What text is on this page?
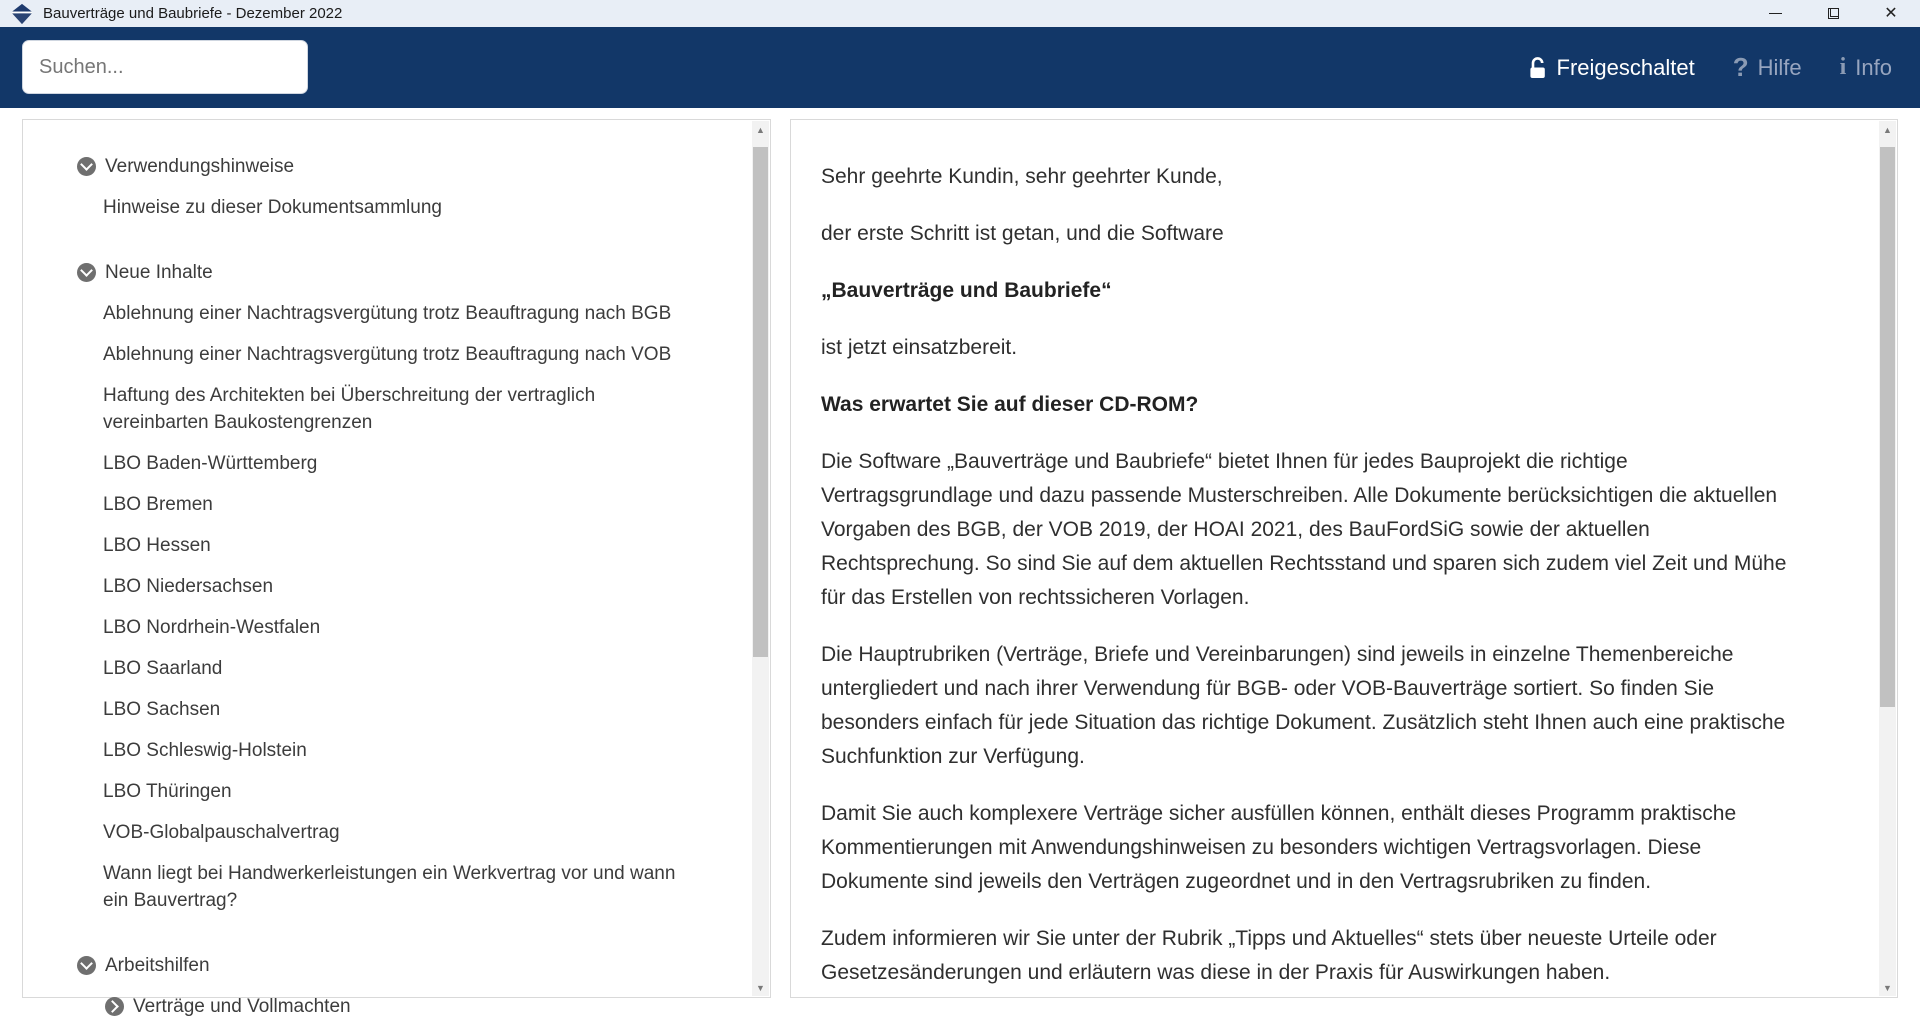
Bauverträge und Baubriefe - Dezember 2022	✕
Suchen...
Freigeschaltet ? Hilfe i Info
Verwendungshinweise
Hinweise zu dieser Dokumentsammlung
Neue Inhalte
Ablehnung einer Nachtragsvergütung trotz Beauftragung nach BGB
Ablehnung einer Nachtragsvergütung trotz Beauftragung nach VOB
Haftung des Architekten bei Überschreitung der vertraglich vereinbarten Baukostengrenzen
LBO Baden-Württemberg
LBO Bremen
LBO Hessen
LBO Niedersachsen
LBO Nordrhein-Westfalen
LBO Saarland
LBO Sachsen
LBO Schleswig-Holstein
LBO Thüringen
VOB-Globalpauschalvertrag
Wann liegt bei Handwerkerleistungen ein Werkvertrag vor und wann ein Bauvertrag?
Arbeitshilfen
Verträge und Vollmachten
▲
▼

Sehr geehrte Kundin, sehr geehrter Kunde,

der erste Schritt ist getan, und die Software

„Bauverträge und Baubriefe“

ist jetzt einsatzbereit.

Was erwartet Sie auf dieser CD-ROM?

Die Software „Bauverträge und Baubriefe“ bietet Ihnen für jedes Bauprojekt die richtige Vertragsgrundlage und dazu passende Musterschreiben. Alle Dokumente berücksichtigen die aktuellen Vorgaben des BGB, der VOB 2019, der HOAI 2021, des BauFordSiG sowie der aktuellen Rechtsprechung. So sind Sie auf dem aktuellen Rechtsstand und sparen sich zudem viel Zeit und Mühe für das Erstellen von rechtssicheren Vorlagen.

Die Hauptrubriken (Verträge, Briefe und Vereinbarungen) sind jeweils in einzelne Themenbereiche untergliedert und nach ihrer Verwendung für BGB- oder VOB-Bauverträge sortiert. So finden Sie besonders einfach für jede Situation das richtige Dokument. Zusätzlich steht Ihnen auch eine praktische Suchfunktion zur Verfügung.

Damit Sie auch komplexere Verträge sicher ausfüllen können, enthält dieses Programm praktische Kommentierungen mit Anwendungshinweisen zu besonders wichtigen Vertragsvorlagen. Diese Dokumente sind jeweils den Verträgen zugeordnet und in den Vertragsrubriken zu finden.

Zudem informieren wir Sie unter der Rubrik „Tipps und Aktuelles“ stets über neueste Urteile oder Gesetzesänderungen und erläutern was diese in der Praxis für Auswirkungen haben.

▲
▼
